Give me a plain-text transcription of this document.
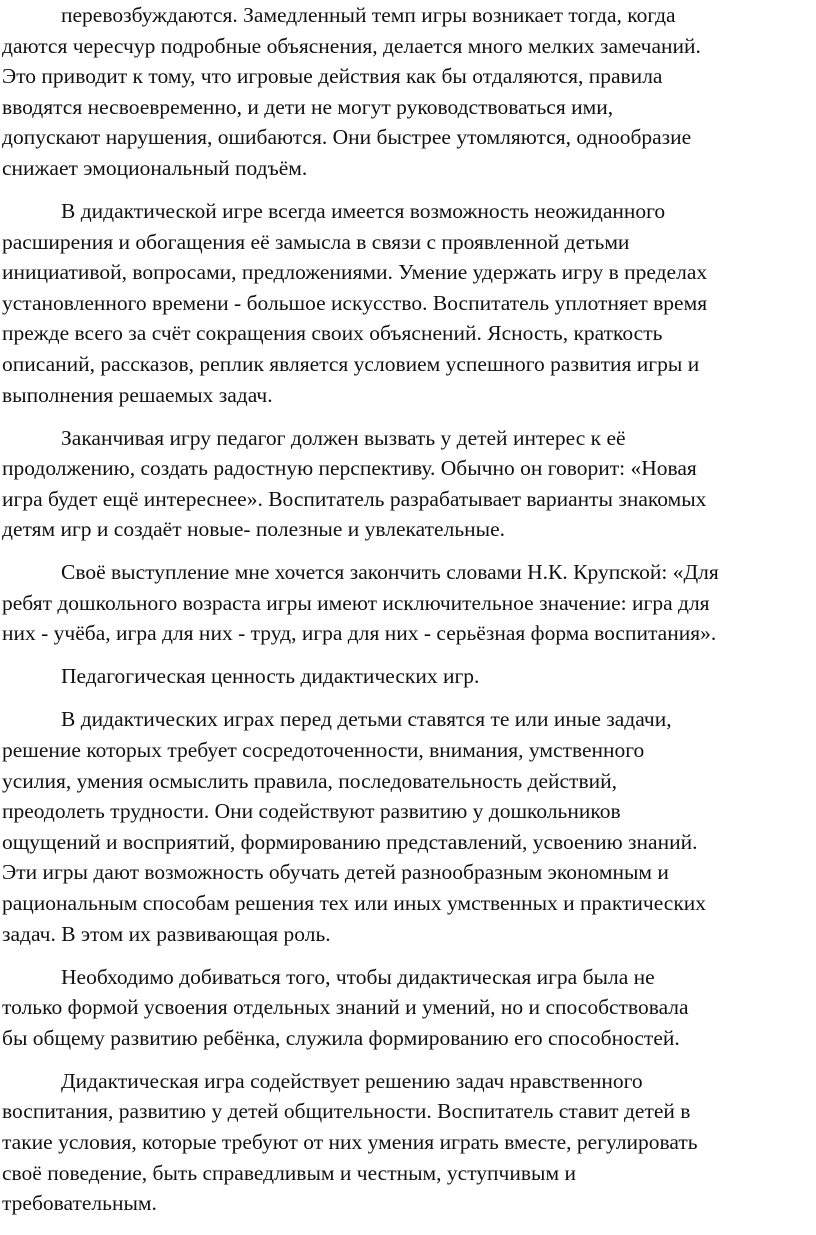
перевозбуждаются. Замедленный темп игры возникает тогда, когда
даются чересчур подробные объяснения, делается много мелких замечаний.
Это приводит к тому, что игровые действия как бы отдаляются, правила
вводятся несвоевременно, и дети не могут руководствоваться ими,
допускают нарушения, ошибаются. Они быстрее утомляются, однообразие
снижает эмоциональный подъём.

В дидактической игре всегда имеется возможность неожиданного
расширения и обогащения её замысла в связи с проявленной детьми
инициативой, вопросами, предложениями. Умение удержать игру в пределах
установленного времени - большое искусство. Воспитатель уплотняет время
прежде всего за счёт сокращения своих объяснений. Ясность, краткость
описаний, рассказов, реплик является условием успешного развития игры и
выполнения решаемых задач.

Заканчивая игру педагог должен вызвать у детей интерес к её
продолжению, создать радостную перспективу. Обычно он говорит: «Новая
игра будет ещё интереснее». Воспитатель разрабатывает варианты знакомых
детям игр и создаёт новые- полезные и увлекательные.

Своё выступление мне хочется закончить словами Н.К. Крупской: «Для
ребят дошкольного возраста игры имеют исключительное значение: игра для
них - учёба, игра для них - труд, игра для них - серьёзная форма воспитания».

Педагогическая ценность дидактических игр.

В дидактических играх перед детьми ставятся те или иные задачи,
решение которых требует сосредоточенности, внимания, умственного
усилия, умения осмыслить правила, последовательность действий,
преодолеть трудности. Они содействуют развитию у дошкольников
ощущений и восприятий, формированию представлений, усвоению знаний.
Эти игры дают возможность обучать детей разнообразным экономным и
рациональным способам решения тех или иных умственных и практических
задач. В этом их развивающая роль.

Необходимо добиваться того, чтобы дидактическая игра была не
только формой усвоения отдельных знаний и умений, но и способствовала
бы общему развитию ребёнка, служила формированию его способностей.

Дидактическая игра содействует решению задач нравственного
воспитания, развитию у детей общительности. Воспитатель ставит детей в
такие условия, которые требуют от них умения играть вместе, регулировать
своё поведение, быть справедливым и честным, уступчивым и
требовательным.
